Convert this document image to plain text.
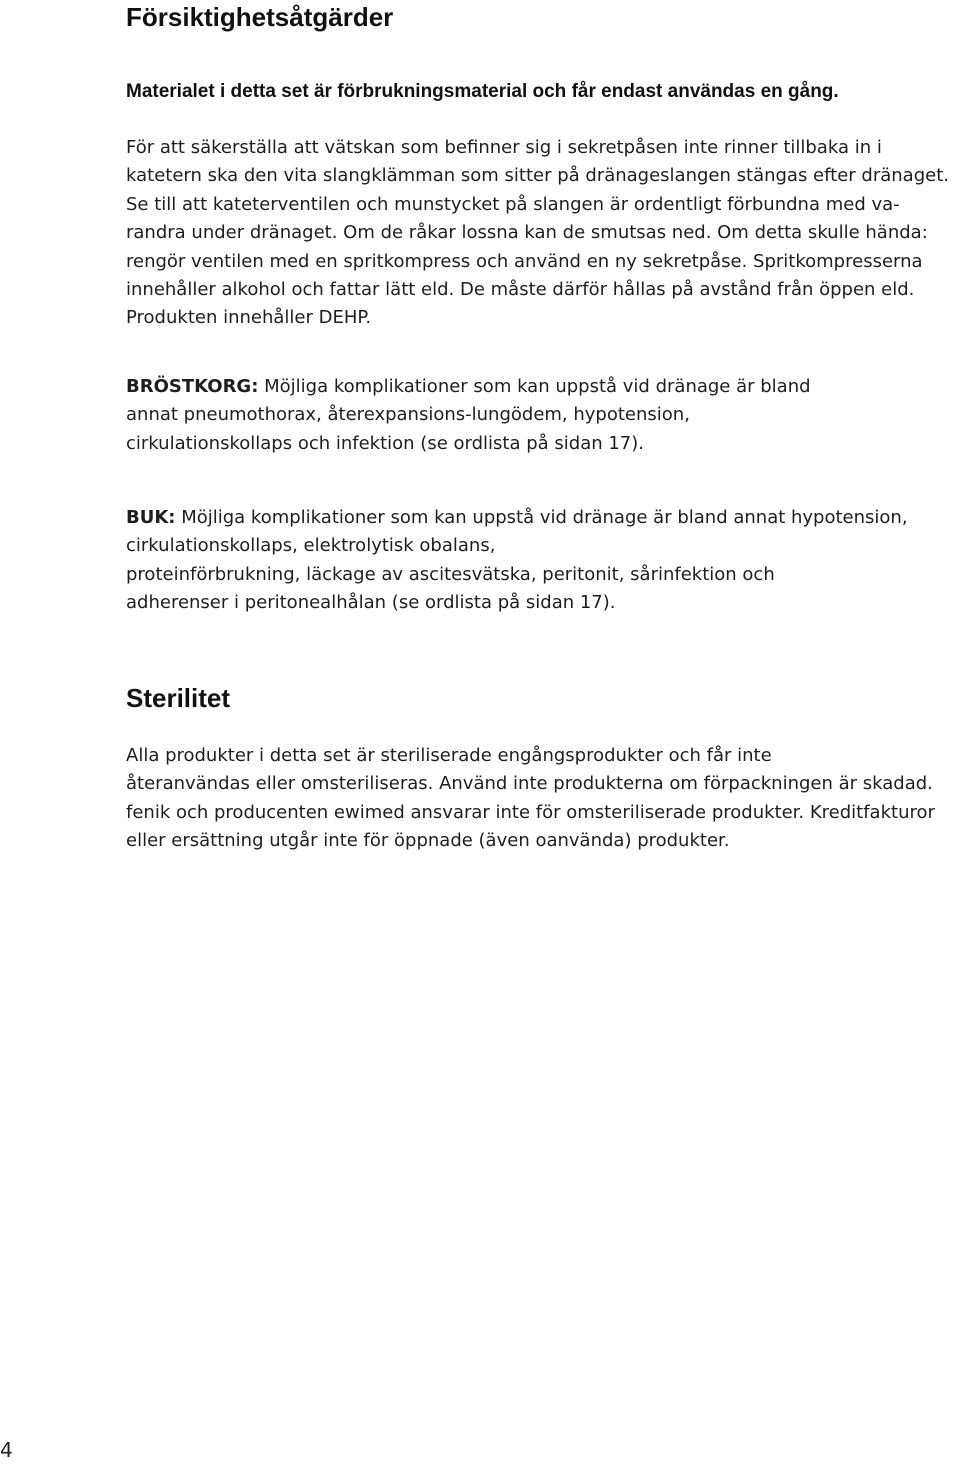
Försiktighetsåtgärder

Materialet i detta set är förbrukningsmaterial och får endast användas en gång.

För att säkerställa att vätskan som befinner sig i sekretpåsen inte rinner tillbaka in i
katetern ska den vita slangklämman som sitter på dränageslangen stängas efter dränaget.
Se till att kateterventilen och munstycket på slangen är ordentligt förbundna med va-
randra under dränaget. Om de råkar lossna kan de smutsas ned. Om detta skulle hända:
rengör ventilen med en spritkompress och använd en ny sekretpåse. Spritkompresserna
innehåller alkohol och fattar lätt eld. De måste därför hållas på avstånd från öppen eld.
Produkten innehåller DEHP.

BRÖSTKORG: Möjliga komplikationer som kan uppstå vid dränage är bland
annat pneumothorax, återexpansions-lungödem, hypotension,
cirkulationskollaps och infektion (se ordlista på sidan 17).

BUK: Möjliga komplikationer som kan uppstå vid dränage är bland annat hypotension,
cirkulationskollaps, elektrolytisk obalans,
proteinförbrukning, läckage av ascitesvätska, peritonit, sårinfektion och
adherenser i peritonealhålan (se ordlista på sidan 17).

Sterilitet

Alla produkter i detta set är steriliserade engångsprodukter och får inte
återanvändas eller omsteriliseras. Använd inte produkterna om förpackningen är skadad.
fenik och producenten ewimed ansvarar inte för omsteriliserade produkter. Kreditfakturor
eller ersättning utgår inte för öppnade (även oanvända) produkter.

4
